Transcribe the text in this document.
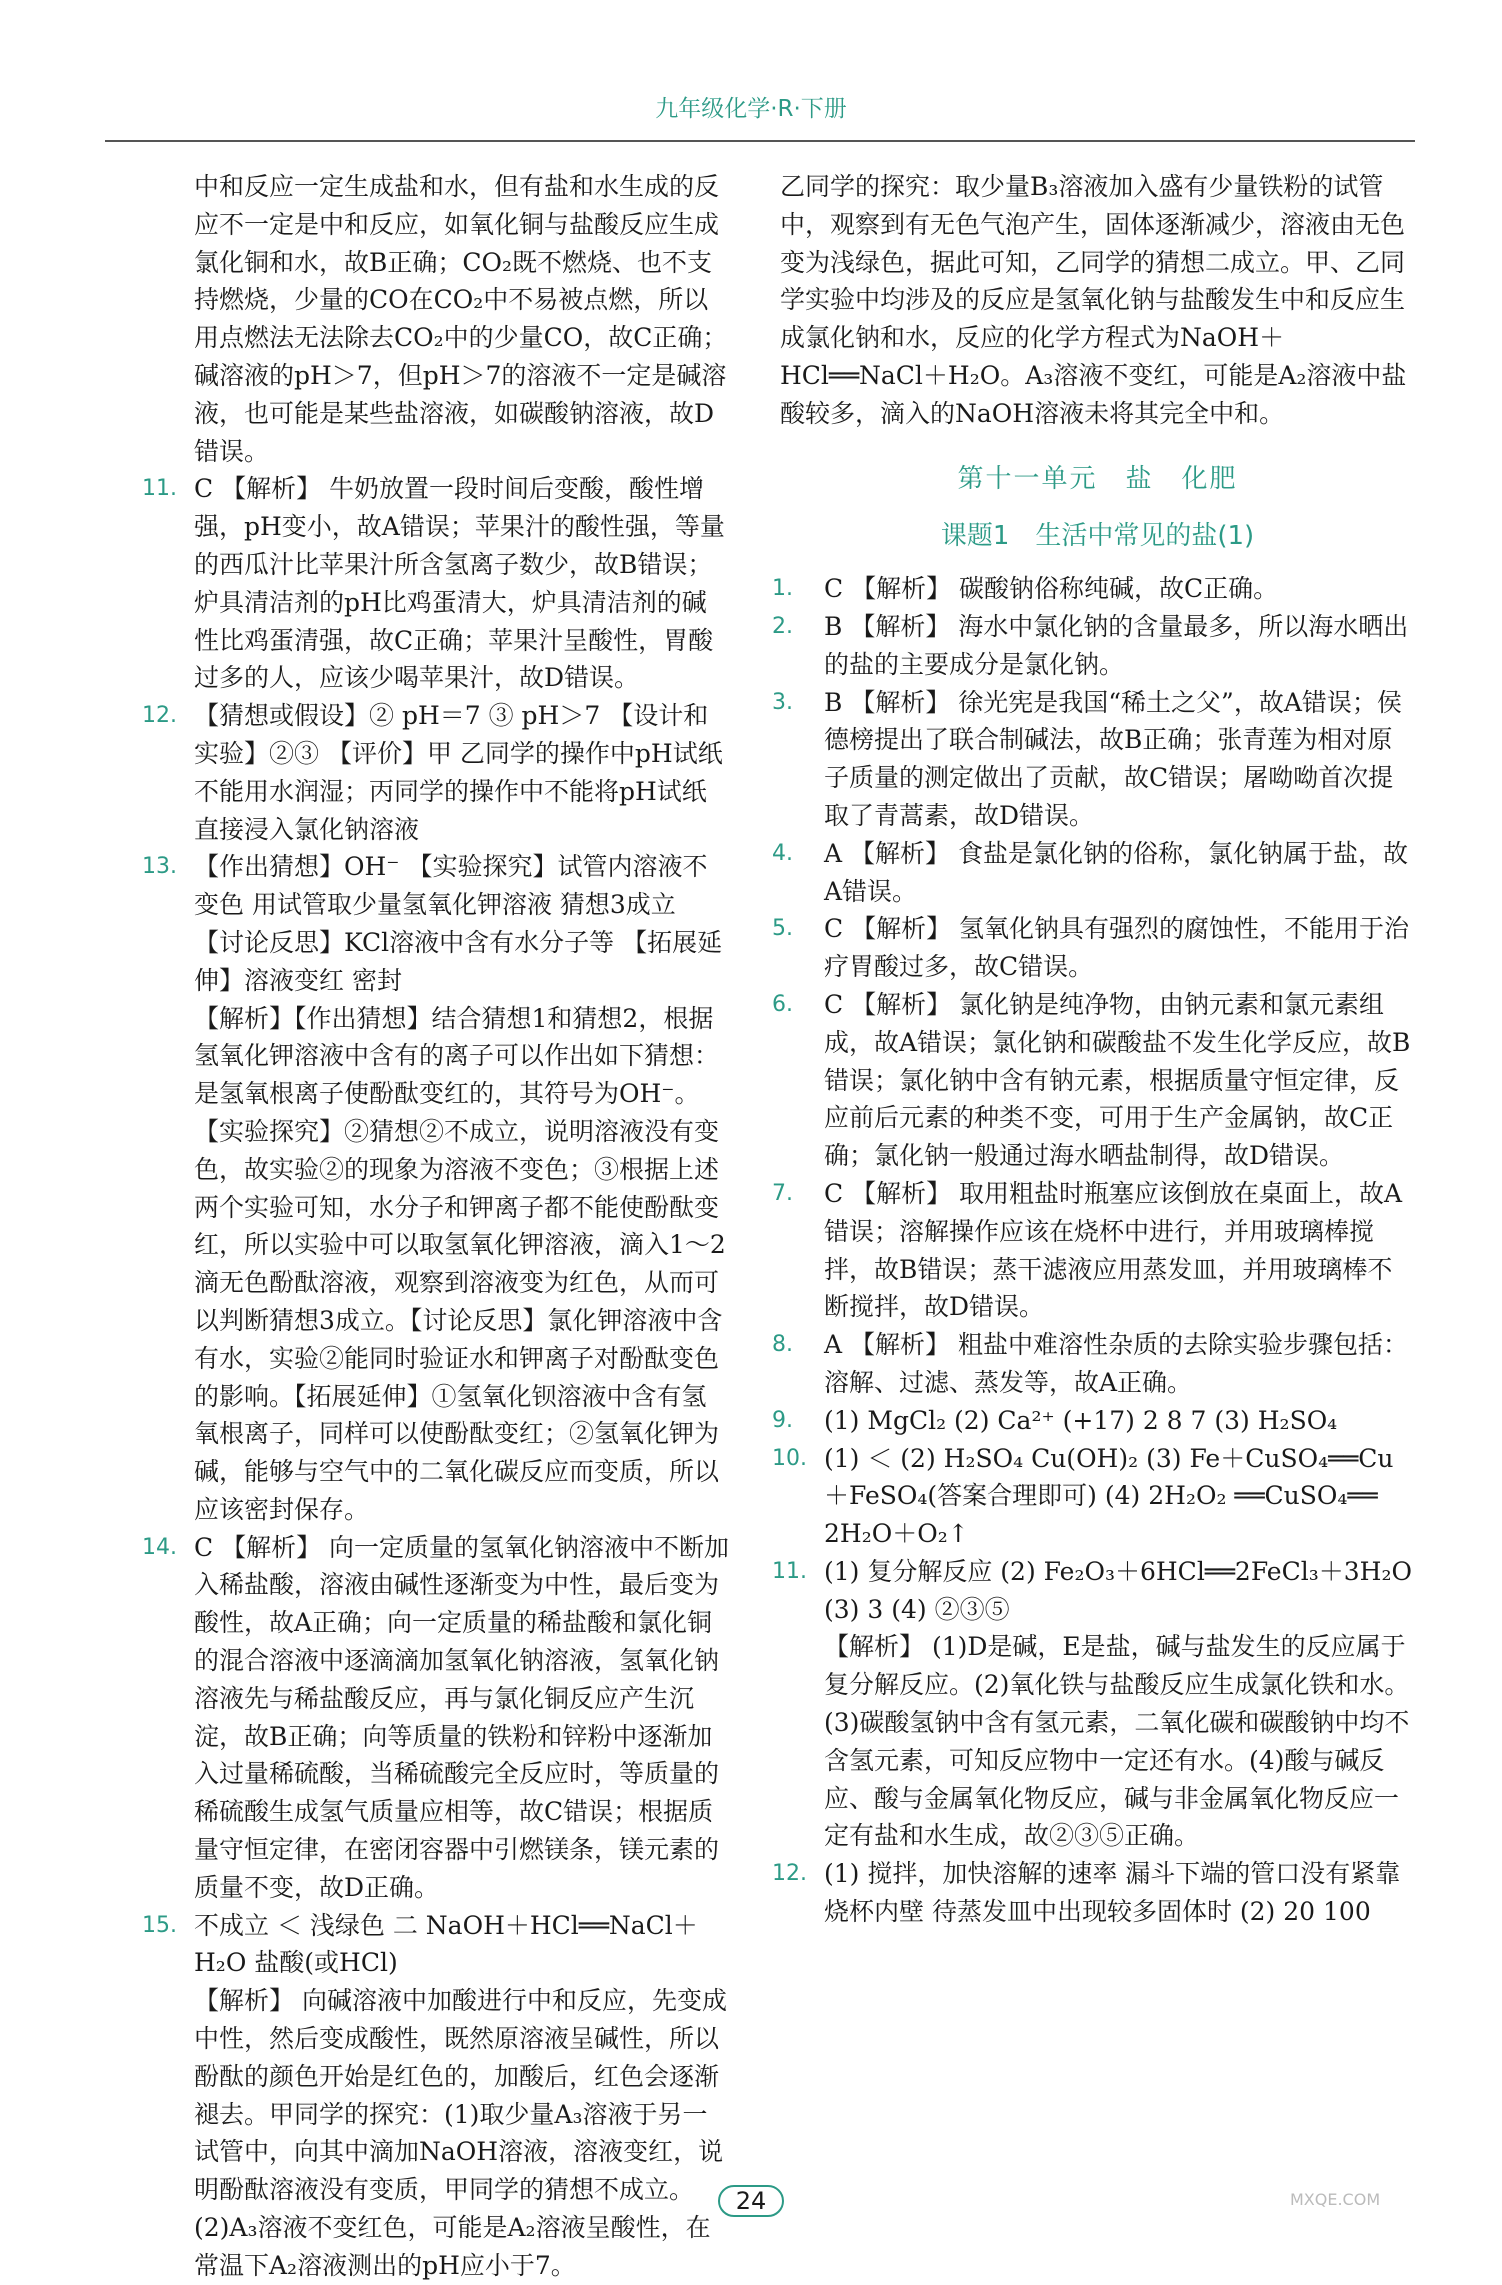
九年级化学·R·下册
中和反应一定生成盐和水，但有盐和水生成的反应不一定是中和反应，如氧化铜与盐酸反应生成氯化铜和水，故B正确；CO₂既不燃烧、也不支持燃烧，少量的CO在CO₂中不易被点燃，所以用点燃法无法除去CO₂中的少量CO，故C正确；碱溶液的pH＞7，但pH＞7的溶液不一定是碱溶液，也可能是某些盐溶液，如碳酸钠溶液，故D错误。
11. C 【解析】 牛奶放置一段时间后变酸，酸性增强，pH变小，故A错误；苹果汁的酸性强，等量的西瓜汁比苹果汁所含氢离子数少，故B错误；炉具清洁剂的pH比鸡蛋清大，炉具清洁剂的碱性比鸡蛋清强，故C正确；苹果汁呈酸性，胃酸过多的人，应该少喝苹果汁，故D错误。
12. 【猜想或假设】② pH＝7 ③ pH＞7 【设计和实验】②③ 【评价】甲 乙同学的操作中pH试纸不能用水润湿；丙同学的操作中不能将pH试纸直接浸入氯化钠溶液
13. 【作出猜想】OH⁻ 【实验探究】试管内溶液不变色 用试管取少量氢氧化钾溶液 猜想3成立 【讨论反思】KCl溶液中含有水分子等 【拓展延伸】溶液变红 密封
【解析】【作出猜想】结合猜想1和猜想2，根据氢氧化钾溶液中含有的离子可以作出如下猜想：是氢氧根离子使酚酞变红的，其符号为OH⁻。【实验探究】②猜想②不成立，说明溶液没有变色，故实验②的现象为溶液不变色；③根据上述两个实验可知，水分子和钾离子都不能使酚酞变红，所以实验中可以取氢氧化钾溶液，滴入1～2滴无色酚酞溶液，观察到溶液变为红色，从而可以判断猜想3成立。【讨论反思】氯化钾溶液中含有水，实验②能同时验证水和钾离子对酚酞变色的影响。【拓展延伸】①氢氧化钡溶液中含有氢氧根离子，同样可以使酚酞变红；②氢氧化钾为碱，能够与空气中的二氧化碳反应而变质，所以应该密封保存。
14. C 【解析】 向一定质量的氢氧化钠溶液中不断加入稀盐酸，溶液由碱性逐渐变为中性，最后变为酸性，故A正确；向一定质量的稀盐酸和氯化铜的混合溶液中逐滴滴加氢氧化钠溶液，氢氧化钠溶液先与稀盐酸反应，再与氯化铜反应产生沉淀，故B正确；向等质量的铁粉和锌粉中逐渐加入过量稀硫酸，当稀硫酸完全反应时，等质量的稀硫酸生成氢气质量应相等，故C错误；根据质量守恒定律，在密闭容器中引燃镁条，镁元素的质量不变，故D正确。
15. 不成立 ＜ 浅绿色 二 NaOH＋HCl══NaCl＋H₂O 盐酸(或HCl)
【解析】 向碱溶液中加酸进行中和反应，先变成中性，然后变成酸性，既然原溶液呈碱性，所以酚酞的颜色开始是红色的，加酸后，红色会逐渐褪去。甲同学的探究：(1)取少量A₃溶液于另一试管中，向其中滴加NaOH溶液，溶液变红，说明酚酞溶液没有变质，甲同学的猜想不成立。(2)A₃溶液不变红色，可能是A₂溶液呈酸性，在常温下A₂溶液测出的pH应小于7。

乙同学的探究：取少量B₃溶液加入盛有少量铁粉的试管中，观察到有无色气泡产生，固体逐渐减少，溶液由无色变为浅绿色，据此可知，乙同学的猜想二成立。甲、乙同学实验中均涉及的反应是氢氧化钠与盐酸发生中和反应生成氯化钠和水，反应的化学方程式为NaOH＋HCl══NaCl＋H₂O。A₃溶液不变红，可能是A₂溶液中盐酸较多，滴入的NaOH溶液未将其完全中和。

第十一单元　盐　化肥
课题1　生活中常见的盐(1)
1. C 【解析】 碳酸钠俗称纯碱，故C正确。
2. B 【解析】 海水中氯化钠的含量最多，所以海水晒出的盐的主要成分是氯化钠。
3. B 【解析】 徐光宪是我国“稀土之父”，故A错误；侯德榜提出了联合制碱法，故B正确；张青莲为相对原子质量的测定做出了贡献，故C错误；屠呦呦首次提取了青蒿素，故D错误。
4. A 【解析】 食盐是氯化钠的俗称，氯化钠属于盐，故A错误。
5. C 【解析】 氢氧化钠具有强烈的腐蚀性，不能用于治疗胃酸过多，故C错误。
6. C 【解析】 氯化钠是纯净物，由钠元素和氯元素组成，故A错误；氯化钠和碳酸盐不发生化学反应，故B错误；氯化钠中含有钠元素，根据质量守恒定律，反应前后元素的种类不变，可用于生产金属钠，故C正确；氯化钠一般通过海水晒盐制得，故D错误。
7. C 【解析】 取用粗盐时瓶塞应该倒放在桌面上，故A错误；溶解操作应该在烧杯中进行，并用玻璃棒搅拌，故B错误；蒸干滤液应用蒸发皿，并用玻璃棒不断搅拌，故D错误。
8. A 【解析】 粗盐中难溶性杂质的去除实验步骤包括：溶解、过滤、蒸发等，故A正确。
9. (1) MgCl₂ (2) Ca²⁺ (+17) 2 8 7 (3) H₂SO₄
10. (1) ＜ (2) H₂SO₄ Cu(OH)₂ (3) Fe＋CuSO₄══Cu＋FeSO₄(答案合理即可) (4) 2H₂O₂ ══CuSO₄══ 2H₂O＋O₂↑
11. (1) 复分解反应 (2) Fe₂O₃＋6HCl══2FeCl₃＋3H₂O (3) 3 (4) ②③⑤
【解析】 (1)D是碱，E是盐，碱与盐发生的反应属于复分解反应。(2)氧化铁与盐酸反应生成氯化铁和水。(3)碳酸氢钠中含有氢元素，二氧化碳和碳酸钠中均不含氢元素，可知反应物中一定还有水。(4)酸与碱反应、酸与金属氧化物反应，碱与非金属氧化物反应一定有盐和水生成，故②③⑤正确。
12. (1) 搅拌，加快溶解的速率 漏斗下端的管口没有紧靠烧杯内壁 待蒸发皿中出现较多固体时 (2) 20 100
24	MXQE.COM
